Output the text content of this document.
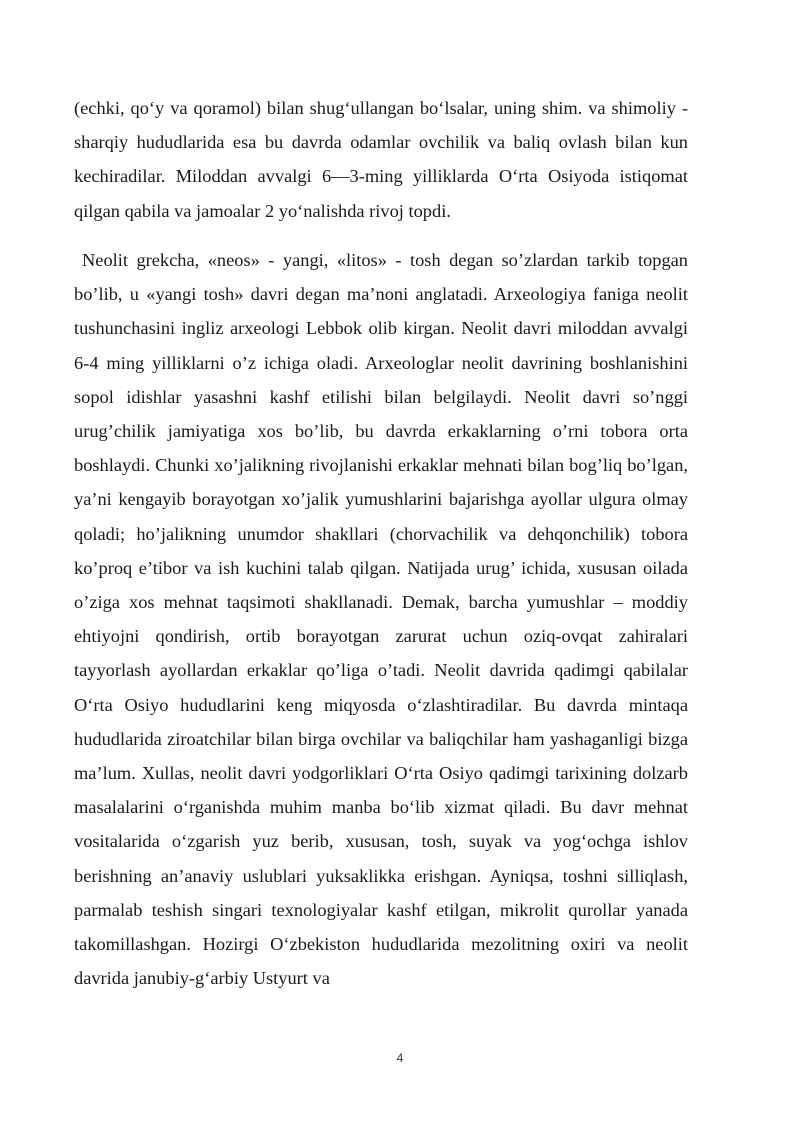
(echki, qo‘y va qoramol) bilan shug‘ullangan bo‘lsalar, uning shim. va shimoliy - sharqiy hududlarida esa bu davrda odamlar ovchilik va baliq ovlash bilan kun kechiradilar. Miloddan avvalgi 6—3-ming yilliklarda O‘rta Osiyoda istiqomat qilgan qabila va jamoalar 2 yo‘nalishda rivoj topdi.

Neolit grekcha, «neos» - yangi, «litos» - tosh degan so’zlardan tarkib topgan bo’lib, u «yangi tosh» davri degan ma’noni anglatadi. Arxeologiya faniga neolit tushunchasini ingliz arxeologi Lebbok olib kirgan. Neolit davri miloddan avvalgi 6-4 ming yilliklarni o’z ichiga oladi. Arxeologlar neolit davrining boshlanishini sopol idishlar yasashni kashf etilishi bilan belgilaydi. Neolit davri so’nggi urug’chilik jamiyatiga xos bo’lib, bu davrda erkaklarning o’rni tobora orta boshlaydi. Chunki xo’jalikning rivojlanishi erkaklar mehnati bilan bog’liq bo’lgan, ya’ni kengayib borayotgan xo’jalik yumushlarini bajarishga ayollar ulgura olmay qoladi; ho’jalikning unumdor shakllari (chorvachilik va dehqonchilik) tobora ko’proq e’tibor va ish kuchini talab qilgan. Natijada urug’ ichida, xususan oilada o’ziga xos mehnat taqsimoti shakllanadi. Demak, barcha yumushlar – moddiy ehtiyojni qondirish, ortib borayotgan zarurat uchun oziq-ovqat zahiralari tayyorlash ayollardan erkaklar qo’liga o’tadi. Neolit davrida qadimgi qabilalar O‘rta Osiyo hududlarini keng miqyosda o‘zlashtiradilar. Bu davrda mintaqa hududlarida ziroatchilar bilan birga ovchilar va baliqchilar ham yashaganligi bizga ma’lum. Xullas, neolit davri yodgorliklari O‘rta Osiyo qadimgi tarixining dolzarb masalalarini o‘rganishda muhim manba bo‘lib xizmat qiladi. Bu davr mehnat vositalarida o‘zgarish yuz berib, xususan, tosh, suyak va yog‘ochga ishlov berishning an’anaviy uslublari yuksaklikka erishgan. Ayniqsa, toshni silliqlash, parmalab teshish singari texnologiyalar kashf etilgan, mikrolit qurollar yanada takomillashgan. Hozirgi O‘zbekiston hududlarida mezolitning oxiri va neolit davrida janubiy-g‘arbiy Ustyurt va

4
